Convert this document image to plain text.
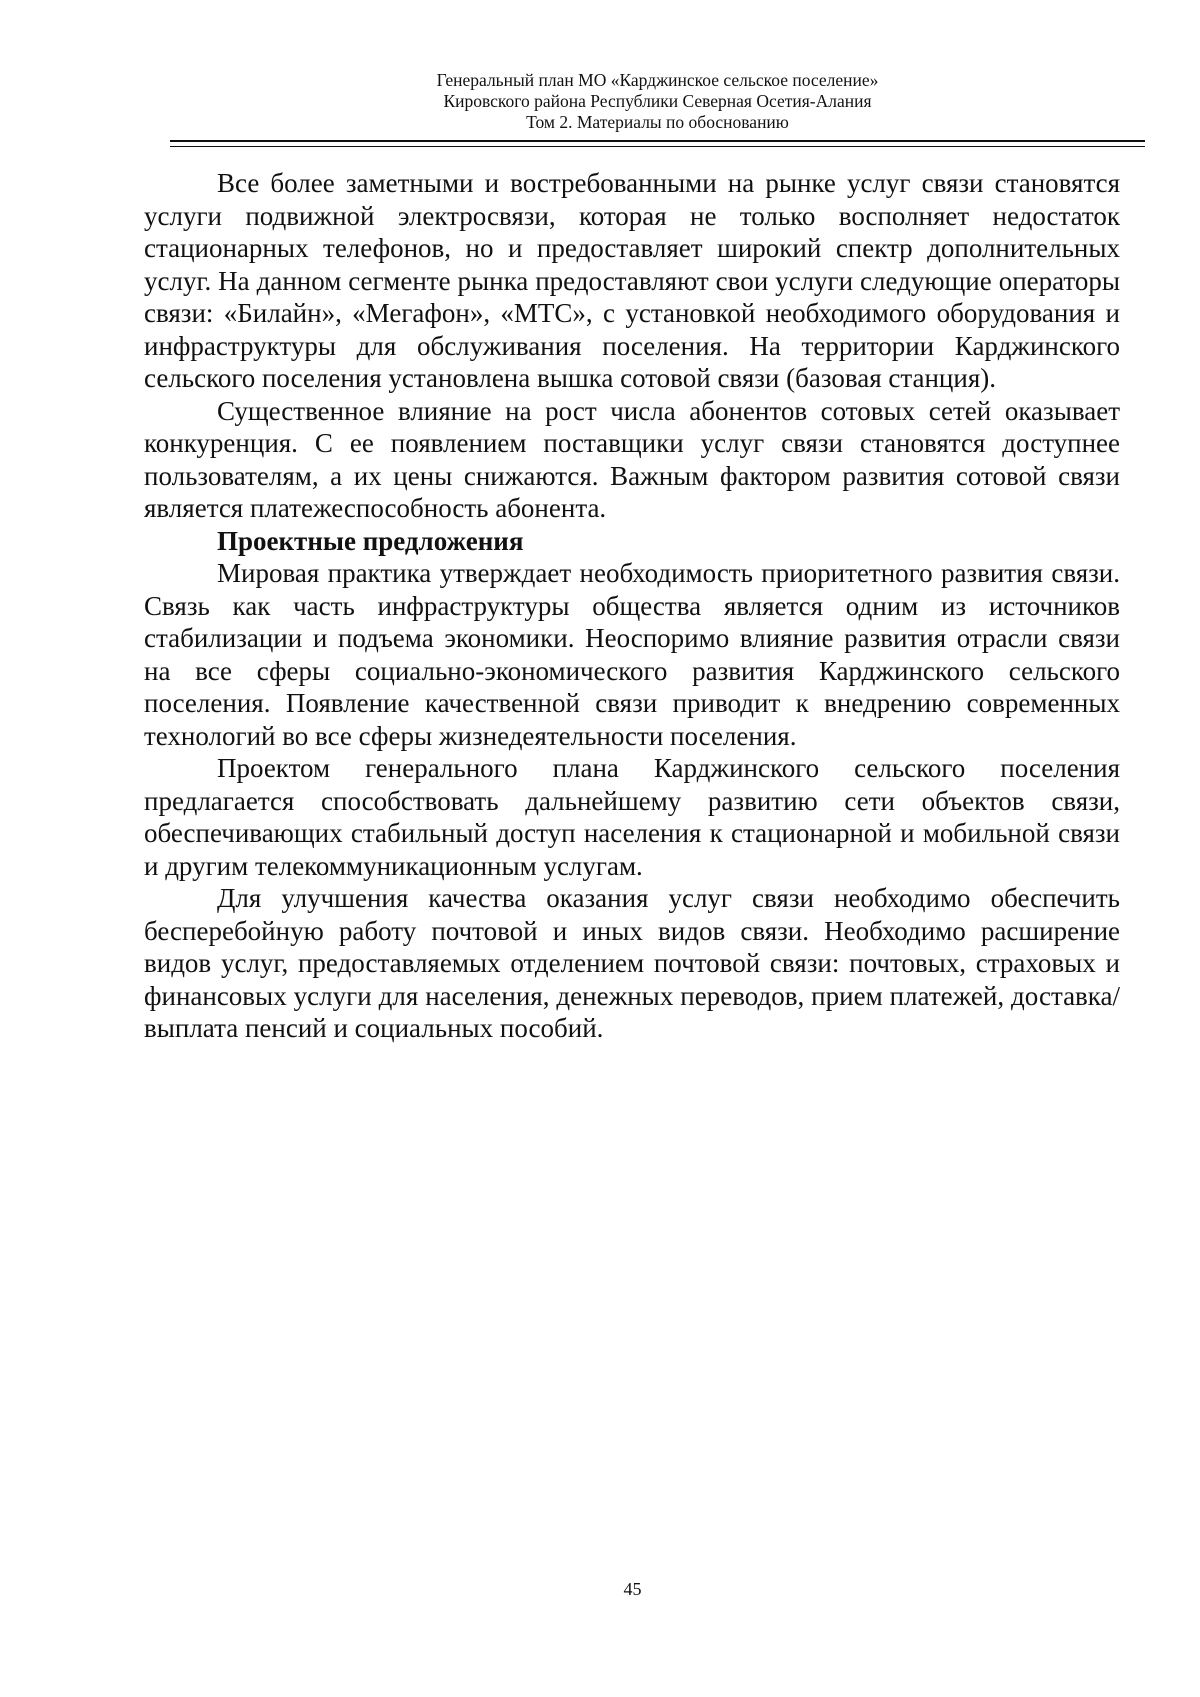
Генеральный план МО «Карджинское сельское поселение»
Кировского района Республики Северная Осетия-Алания
Том 2. Материалы по обоснованию

Все более заметными и востребованными на рынке услуг связи становятся услуги подвижной электросвязи, которая не только восполняет недостаток стационарных телефонов, но и предоставляет широкий спектр дополнительных услуг. На данном сегменте рынка предоставляют свои услуги следующие операторы связи: «Билайн», «Мегафон», «МТС», с установкой необходимого оборудования и инфраструктуры для обслуживания поселения. На территории Карджинского сельского поселения установлена вышка сотовой связи (базовая станция).

Существенное влияние на рост числа абонентов сотовых сетей оказывает конкуренция. С ее появлением поставщики услуг связи становятся доступнее пользователям, а их цены снижаются. Важным фактором развития сотовой связи является платежеспособность абонента.

Проектные предложения

Мировая практика утверждает необходимость приоритетного развития связи. Связь как часть инфраструктуры общества является одним из источников стабилизации и подъема экономики. Неоспоримо влияние развития отрасли связи на все сферы социально-экономического развития Карджинского сельского поселения. Появление качественной связи приводит к внедрению современных технологий во все сферы жизнедеятельности поселения.

Проектом генерального плана Карджинского сельского поселения предлагается способствовать дальнейшему развитию сети объектов связи, обеспечивающих стабильный доступ населения к стационарной и мобильной связи и другим телекоммуникационным услугам.

Для улучшения качества оказания услуг связи необходимо обеспечить бесперебойную работу почтовой и иных видов связи. Необходимо расширение видов услуг, предоставляемых отделением почтовой связи: почтовых, страховых и финансовых услуги для населения, денежных переводов, прием платежей, доставка/выплата пенсий и социальных пособий.

45
